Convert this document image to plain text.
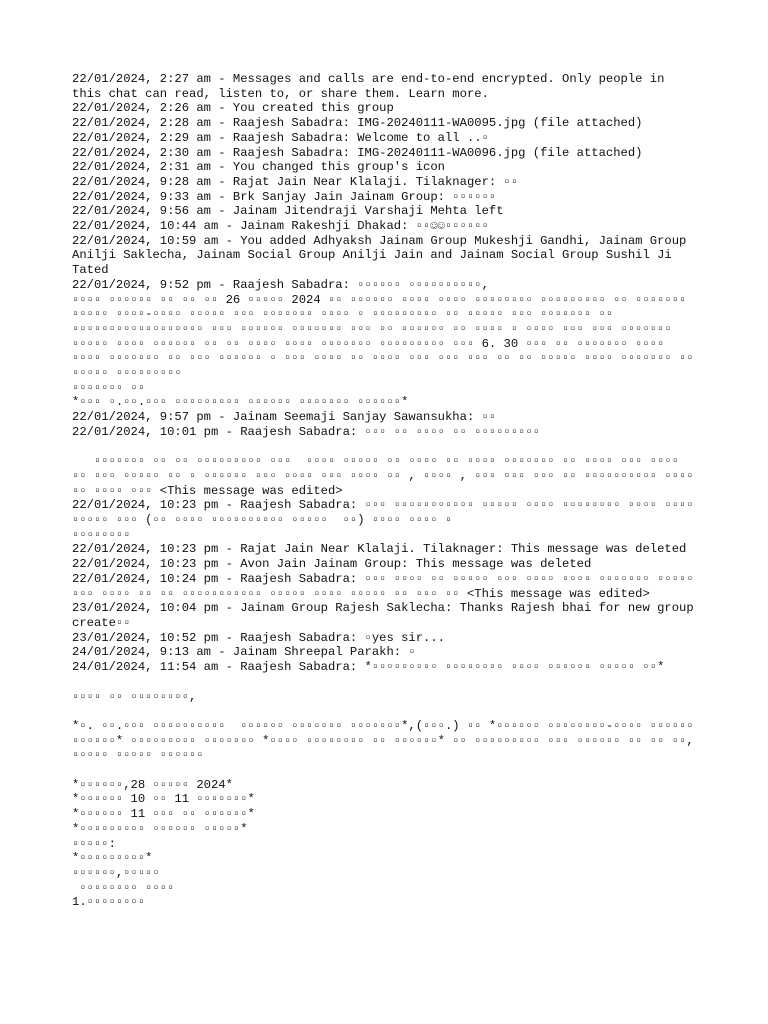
22/01/2024, 2:27 am - Messages and calls are end-to-end encrypted. Only people in this chat can read, listen to, or share them. Learn more.

22/01/2024, 2:26 am - You created this group

22/01/2024, 2:28 am - Raajesh Sabadra: IMG-20240111-WA0095.jpg (file attached)

22/01/2024, 2:29 am - Raajesh Sabadra: Welcome to all ..▫

22/01/2024, 2:30 am - Raajesh Sabadra: IMG-20240111-WA0096.jpg (file attached)

22/01/2024, 2:31 am - You changed this group's icon

22/01/2024, 9:28 am - Rajat Jain Near Klalaji. Tilaknager: ▫▫

22/01/2024, 9:33 am - Brk Sanjay Jain Jainam Group: ▫▫▫▫▫▫

22/01/2024, 9:56 am - Jainam Jitendraji Varshaji Mehta left

22/01/2024, 10:44 am - Jainam Rakeshji Dhakad: ▫▫☺☺▫▫▫▫▫▫

22/01/2024, 10:59 am - You added Adhyaksh Jainam Group Mukeshji Gandhi, Jainam Group Anilji Saklecha, Jainam Social Group Anilji Jain and Jainam Social Group Sushil Ji Tated

22/01/2024, 9:52 pm - Raajesh Sabadra: ▫▫▫▫▫▫ ▫▫▫▫▫▫▫▫▫▫,

▫▫▫▫ ▫▫▫▫▫▫ ▫▫ ▫▫ ▫▫ 26 ▫▫▫▫▫ 2024 ▫▫ ▫▫▫▫▫▫ ▫▫▫▫ ▫▫▫▫ ▫▫▫▫▫▫▫▫ ▫▫▫▫▫▫▫▫▫ ▫▫ ▫▫▫▫▫▫▫ ▫▫▫▫▫ ▫▫▫▫-▫▫▫▫ ▫▫▫▫▫ ▫▫▫ ▫▫▫▫▫▫▫ ▫▫▫▫ ▫ ▫▫▫▫▫▫▫▫▫ ▫▫ ▫▫▫▫▫ ▫▫▫ ▫▫▫▫▫▫▫ ▫▫ ▫▫▫▫▫▫▫▫▫▫▫▫▫▫▫▫▫▫ ▫▫▫ ▫▫▫▫▫▫ ▫▫▫▫▫▫▫ ▫▫▫ ▫▫ ▫▫▫▫▫▫ ▫▫ ▫▫▫▫ ▫ ▫▫▫▫ ▫▫▫ ▫▫▫ ▫▫▫▫▫▫▫ ▫▫▫▫▫ ▫▫▫▫ ▫▫▫▫▫▫ ▫▫ ▫▫ ▫▫▫▫ ▫▫▫▫ ▫▫▫▫▫▫▫ ▫▫▫▫▫▫▫▫▫ ▫▫▫ 6. 30 ▫▫▫ ▫▫ ▫▫▫▫▫▫▫ ▫▫▫▫ ▫▫▫▫ ▫▫▫▫▫▫▫ ▫▫ ▫▫▫ ▫▫▫▫▫▫ ▫ ▫▫▫ ▫▫▫▫ ▫▫ ▫▫▫▫ ▫▫▫ ▫▫▫ ▫▫▫ ▫▫ ▫▫ ▫▫▫▫▫ ▫▫▫▫ ▫▫▫▫▫▫▫ ▫▫ ▫▫▫▫▫ ▫▫▫▫▫▫▫▫▫

▫▫▫▫▫▫▫ ▫▫

*▫▫▫ ▫.▫▫.▫▫▫ ▫▫▫▫▫▫▫▫▫ ▫▫▫▫▫▫ ▫▫▫▫▫▫▫ ▫▫▫▫▫▫*

22/01/2024, 9:57 pm - Jainam Seemaji Sanjay Sawansukha: ▫▫

22/01/2024, 10:01 pm - Raajesh Sabadra: ▫▫▫ ▫▫ ▫▫▫▫ ▫▫ ▫▫▫▫▫▫▫▫▫

▫▫▫▫▫▫▫ ▫▫ ▫▫ ▫▫▫▫▫▫▫▫▫ ▫▫▫  ▫▫▫▫ ▫▫▫▫▫ ▫▫ ▫▫▫▫ ▫▫ ▫▫▫▫ ▫▫▫▫▫▫▫ ▫▫ ▫▫▫▫ ▫▫▫ ▫▫▫▫ ▫▫ ▫▫▫ ▫▫▫▫▫ ▫▫ ▫ ▫▫▫▫▫▫ ▫▫▫ ▫▫▫▫ ▫▫▫ ▫▫▫▫ ▫▫ , ▫▫▫▫ , ▫▫▫ ▫▫▫ ▫▫▫ ▫▫ ▫▫▫▫▫▫▫▫▫▫ ▫▫▫▫ ▫▫ ▫▫▫▫ ▫▫▫ <This message was edited>

22/01/2024, 10:23 pm - Raajesh Sabadra: ▫▫▫ ▫▫▫▫▫▫▫▫▫▫▫ ▫▫▫▫▫ ▫▫▫▫ ▫▫▫▫▫▫▫▫ ▫▫▫▫ ▫▫▫▫ ▫▫▫▫▫ ▫▫▫ (▫▫ ▫▫▫▫ ▫▫▫▫▫▫▫▫▫▫ ▫▫▫▫▫  ▫▫) ▫▫▫▫ ▫▫▫▫ ▫

▫▫▫▫▫▫▫▫

22/01/2024, 10:23 pm - Rajat Jain Near Klalaji. Tilaknager: This message was deleted

22/01/2024, 10:23 pm - Avon Jain Jainam Group: This message was deleted

22/01/2024, 10:24 pm - Raajesh Sabadra: ▫▫▫ ▫▫▫▫ ▫▫ ▫▫▫▫▫ ▫▫▫ ▫▫▫▫ ▫▫▫▫ ▫▫▫▫▫▫▫ ▫▫▫▫▫ ▫▫▫ ▫▫▫▫ ▫▫ ▫▫ ▫▫▫▫▫▫▫▫▫▫▫ ▫▫▫▫▫ ▫▫▫▫ ▫▫▫▫▫ ▫▫ ▫▫▫ ▫▫ <This message was edited>

23/01/2024, 10:04 pm - Jainam Group Rajesh Saklecha: Thanks Rajesh bhai for new group create▫▫

23/01/2024, 10:52 pm - Raajesh Sabadra: ▫yes sir...

24/01/2024, 9:13 am - Jainam Shreepal Parakh: ▫

24/01/2024, 11:54 am - Raajesh Sabadra: *▫▫▫▫▫▫▫▫▫ ▫▫▫▫▫▫▫▫ ▫▫▫▫ ▫▫▫▫▫▫ ▫▫▫▫▫ ▫▫*

▫▫▫▫ ▫▫ ▫▫▫▫▫▫▫▫,

*▫. ▫▫.▫▫▫ ▫▫▫▫▫▫▫▫▫▫  ▫▫▫▫▫▫ ▫▫▫▫▫▫▫ ▫▫▫▫▫▫▫*,(▫▫▫.) ▫▫ *▫▫▫▫▫▫ ▫▫▫▫▫▫▫▫-▫▫▫▫ ▫▫▫▫▫▫ ▫▫▫▫▫▫* ▫▫▫▫▫▫▫▫▫ ▫▫▫▫▫▫▫ *▫▫▫▫ ▫▫▫▫▫▫▫▫ ▫▫ ▫▫▫▫▫▫* ▫▫ ▫▫▫▫▫▫▫▫▫ ▫▫▫ ▫▫▫▫▫▫ ▫▫ ▫▫ ▫▫, ▫▫▫▫▫ ▫▫▫▫▫ ▫▫▫▫▫▫

*▫▫▫▫▫▫,28 ▫▫▫▫▫ 2024*

*▫▫▫▫▫▫ 10 ▫▫ 11 ▫▫▫▫▫▫▫*

*▫▫▫▫▫▫ 11 ▫▫▫ ▫▫ ▫▫▫▫▫▫*

*▫▫▫▫▫▫▫▫▫ ▫▫▫▫▫▫ ▫▫▫▫▫*

▫▫▫▫▫:

*▫▫▫▫▫▫▫▫▫*

▫▫▫▫▫▫,▫▫▫▫▫

▫▫▫▫▫▫▫▫ ▫▫▫▫

1.▫▫▫▫▫▫▫▫
